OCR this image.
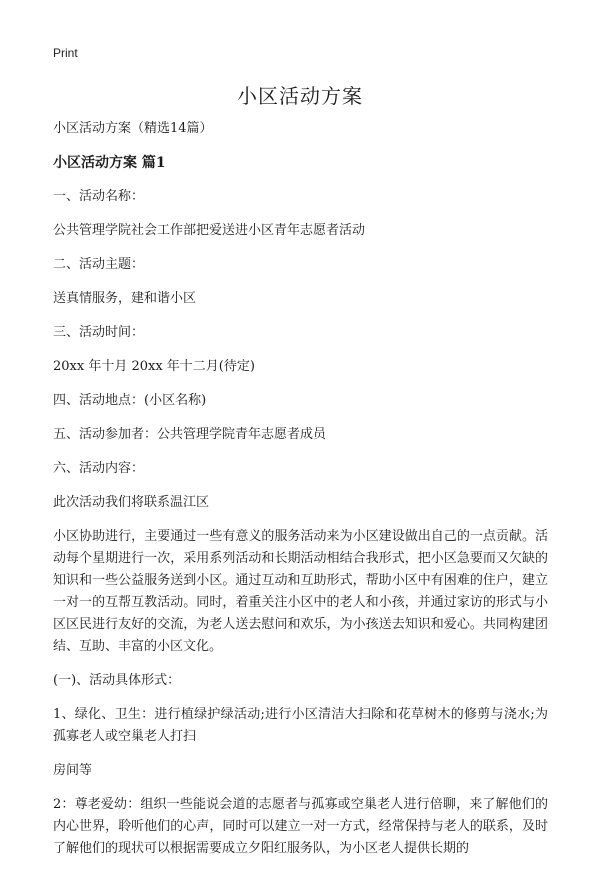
Print
小区活动方案

小区活动方案（精选14篇）

小区活动方案 篇1

一、活动名称：

公共管理学院社会工作部把爱送进小区青年志愿者活动

二、活动主题：

送真情服务，建和谐小区

三、活动时间：

20xx 年十月 20xx 年十二月(待定)

四、活动地点：(小区名称)

五、活动参加者：公共管理学院青年志愿者成员

六、活动内容：

此次活动我们将联系温江区

小区协助进行，主要通过一些有意义的服务活动来为小区建设做出自己的一点贡献。活动每个星期进行一次，采用系列活动和长期活动相结合我形式，把小区急要而又欠缺的知识和一些公益服务送到小区。通过互动和互助形式，帮助小区中有困难的住户，建立一对一的互帮互教活动。同时，着重关注小区中的老人和小孩，并通过家访的形式与小区区民进行友好的交流，为老人送去慰问和欢乐，为小孩送去知识和爱心。共同构建团结、互助、丰富的小区文化。

(一)、活动具体形式：

1、绿化、卫生：进行植绿护绿活动;进行小区清洁大扫除和花草树木的修剪与浇水;为孤寡老人或空巢老人打扫

房间等

2：尊老爱幼：组织一些能说会道的志愿者与孤寡或空巢老人进行倍聊，来了解他们的内心世界，聆听他们的心声，同时可以建立一对一方式，经常保持与老人的联系，及时了解他们的现状可以根据需要成立夕阳红服务队，为小区老人提供长期的
